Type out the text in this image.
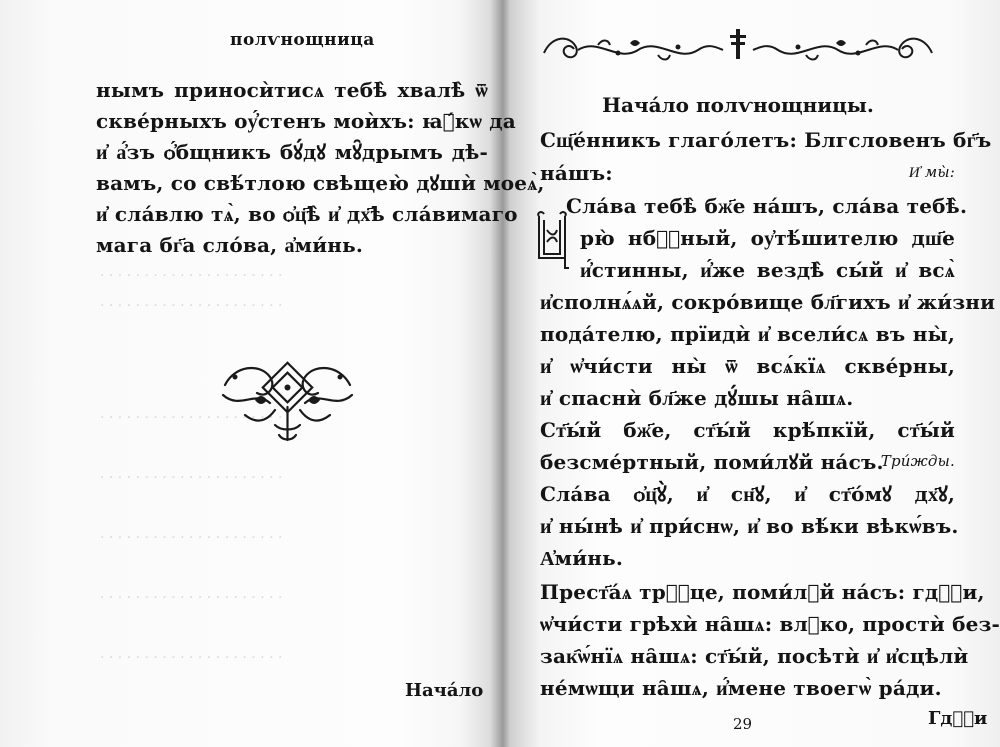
полѵнощница
нымъ приносѝтисѧ тебѣ̀ хвалѣ̀ ѿ
скве́рныхъ оу҆́стенъ моѝхъ: ꙗ҆́кѡ да
и҆ а҆́зъ ѻ҆́бщникъ бꙋ́дꙋ мꙋ̑дрымъ дѣ-
вамъ, со свѣ́тлою свѣщею̀ дꙋшѝ моеѧ̀,
и҆ сла́влю тѧ̀, во ѻ҆ц҃ѣ̀ и҆ дх҃ѣ сла́вимаго
мага бг҃а сло́ва, а҆ми́нь.
· · · · · · · · · · · · · · · · · · · · ·
· · · · · · · · · · · · · · · · · · · · ·
· · · · · · · · · · · · · · · · · · · · ·
· · · · · · · · · · · · · · · · · · · · ·
· · · · · · · · · · · · · · · · · · · · ·
· · · · · · · · · · · · · · · · · · · · ·
· · · · · · · · · · · · · · · · · · · · ·
Нача́ло
Нача́ло полѵнощницы.
Сщ҃е́нникъ глаго́летъ: Блгcловенъ бг҃ъ
на́шъ:	И҆ мы̀:
Сла́ва тебѣ̀ бж҃е на́шъ, сла́ва тебѣ̀.
Ц
рю̀ нбⷭ҇ный, оу҆тѣ́шителю дш҃е
и҆́стинны, и҆́же вездѣ̀ сы́й и҆ всѧ̀
и҆сполнѧ́ѧй, сокро́вище бл҃гихъ и҆ жи́зни
пода́телю, прїидѝ и҆ всели́сѧ въ ны̀,
и҆ ѡ҆чи́сти ны̀ ѿ всѧ́кїѧ скве́рны,
и҆ спаснѝ бл҃же дꙋ́шы на̑шѧ.
Ст҃ы́й бж҃е, ст҃ы́й крѣ́пкїй, ст҃ы́й
безсме́ртный, поми́лꙋй на́съ.
Три́жды.
Сла́ва ѻ҆ц҃ꙋ̀, и҆ сн҃ꙋ, и҆ ст҃о́мꙋ дх҃ꙋ,
и҆ ны́нѣ и҆ при́снѡ, и҆ во вѣ́ки вѣкѡ́въ.
А҆ми́нь.
Прест҃а́ѧ трⷪ҇це, поми́лꙋй на́съ: гдⷭ҇и,
ѡ҆чи́сти грѣхѝ на̑шѧ: влⷣко, простѝ без-
зак҄ѡ́нїѧ на̑шѧ: ст҃ы́й, посѣтѝ и҆ и҆сцѣлѝ
не́мѡщи на̑шѧ, и҆́мене твоегѡ̀ ра́ди.
Гдⷭ҇и
29
